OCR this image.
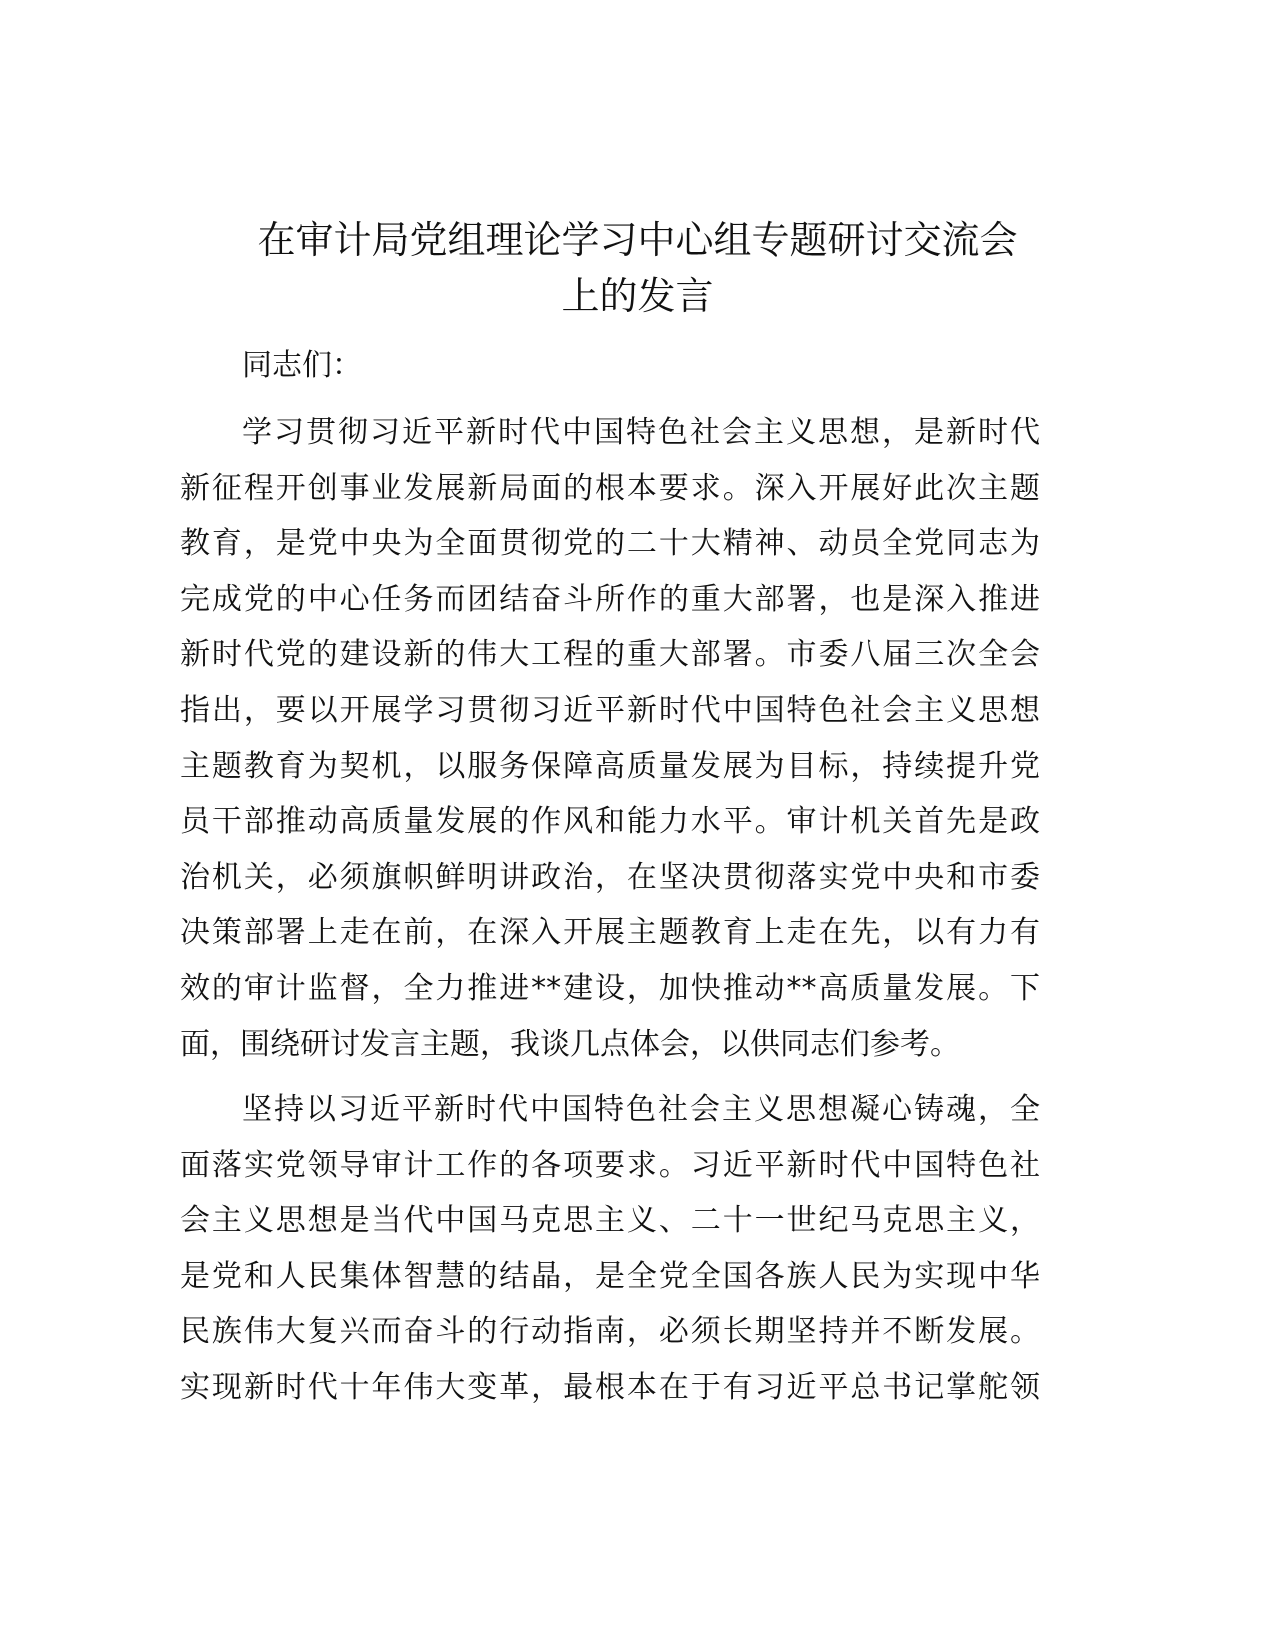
在审计局党组理论学习中心组专题研讨交流会
上的发言
同志们：
学习贯彻习近平新时代中国特色社会主义思想，是新时代
新征程开创事业发展新局面的根本要求。深入开展好此次主题
教育，是党中央为全面贯彻党的二十大精神、动员全党同志为
完成党的中心任务而团结奋斗所作的重大部署，也是深入推进
新时代党的建设新的伟大工程的重大部署。市委八届三次全会
指出，要以开展学习贯彻习近平新时代中国特色社会主义思想
主题教育为契机，以服务保障高质量发展为目标，持续提升党
员干部推动高质量发展的作风和能力水平。审计机关首先是政
治机关，必须旗帜鲜明讲政治，在坚决贯彻落实党中央和市委
决策部署上走在前，在深入开展主题教育上走在先，以有力有
效的审计监督，全力推进**建设，加快推动**高质量发展。下
面，围绕研讨发言主题，我谈几点体会，以供同志们参考。
坚持以习近平新时代中国特色社会主义思想凝心铸魂，全
面落实党领导审计工作的各项要求。习近平新时代中国特色社
会主义思想是当代中国马克思主义、二十一世纪马克思主义，
是党和人民集体智慧的结晶，是全党全国各族人民为实现中华
民族伟大复兴而奋斗的行动指南，必须长期坚持并不断发展。
实现新时代十年伟大变革，最根本在于有习近平总书记掌舵领
